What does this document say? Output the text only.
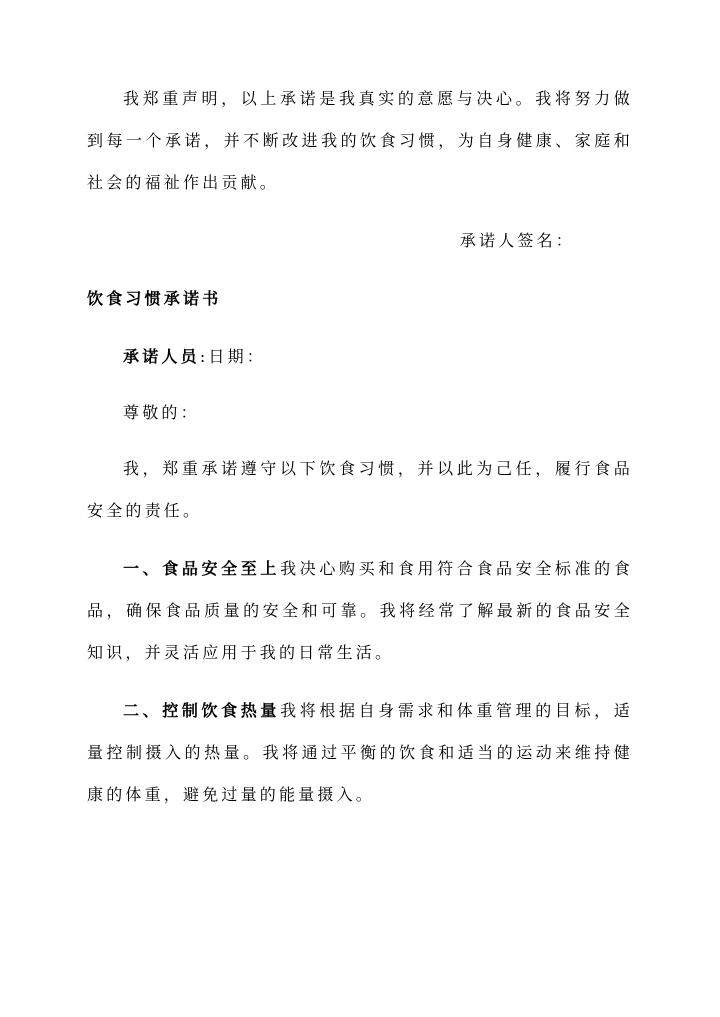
我郑重声明，以上承诺是我真实的意愿与决心。我将努力做到每一个承诺，并不断改进我的饮食习惯，为自身健康、家庭和社会的福祉作出贡献。

承诺人签名：

饮食习惯承诺书

承诺人员:日期：

尊敬的：

我，郑重承诺遵守以下饮食习惯，并以此为己任，履行食品安全的责任。

一、食品安全至上我决心购买和食用符合食品安全标准的食品，确保食品质量的安全和可靠。我将经常了解最新的食品安全知识，并灵活应用于我的日常生活。

二、控制饮食热量我将根据自身需求和体重管理的目标，适量控制摄入的热量。我将通过平衡的饮食和适当的运动来维持健康的体重，避免过量的能量摄入。
